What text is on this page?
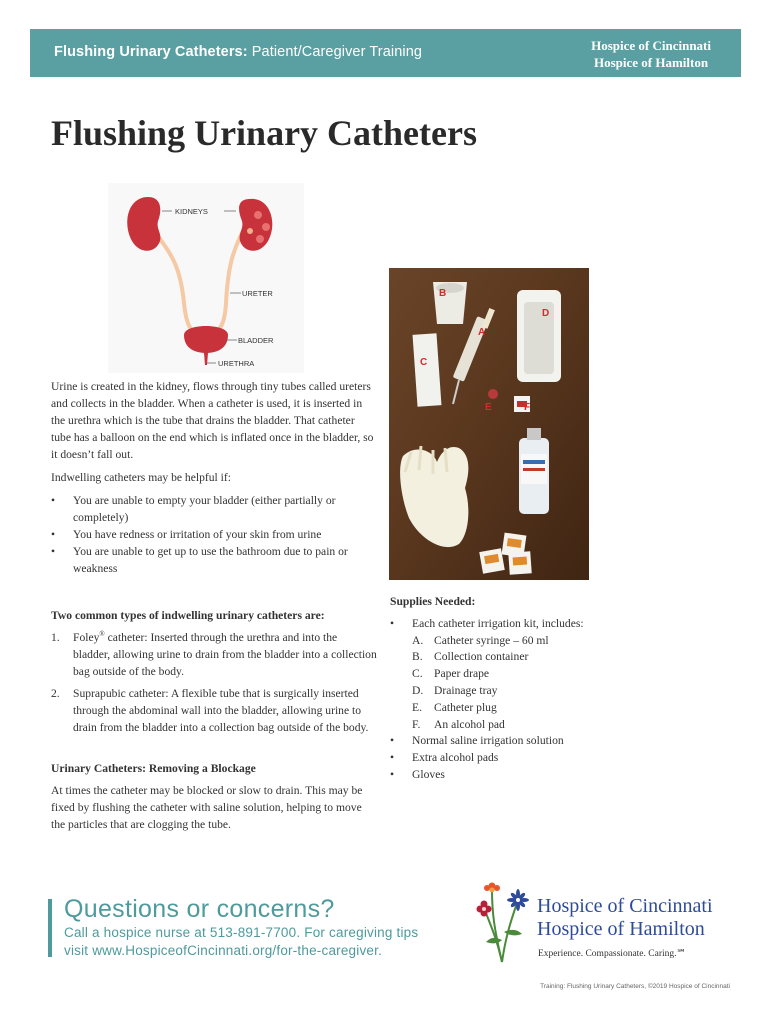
Flushing Urinary Catheters: Patient/Caregiver Training	Hospice of Cincinnati
Hospice of Hamilton
Flushing Urinary Catheters
KIDNEYS
URETER
BLADDER
URETHRA
B
D
A
C
E	F

Urine is created in the kidney, flows through tiny tubes called ureters and collects in the bladder. When a catheter is used, it is inserted in the urethra which is the tube that drains the bladder. That catheter tube has a balloon on the end which is inflated once in the bladder, so it doesn’t fall out.

Indwelling catheters may be helpful if:

• You are unable to empty your bladder (either partially or completely)
• You have redness or irritation of your skin from urine
• You are unable to get up to use the bathroom due to pain or weakness
Two common types of indwelling urinary catheters are:
1. Foley® catheter: Inserted through the urethra and into the bladder, allowing urine to drain from the bladder into a collection bag outside of the body.
2. Suprapubic catheter: A flexible tube that is surgically inserted through the abdominal wall into the bladder, allowing urine to drain from the bladder into a collection bag outside of the body.
Urinary Catheters: Removing a Blockage

At times the catheter may be blocked or slow to drain. This may be fixed by flushing the catheter with saline solution, helping to move the particles that are clogging the tube.

Supplies Needed:
• Each catheter irrigation kit, includes:
A. Catheter syringe – 60 ml
B. Collection container
C. Paper drape
D. Drainage tray
E. Catheter plug
F. An alcohol pad
• Normal saline irrigation solution
• Extra alcohol pads
• Gloves
Questions or concerns?
Call a hospice nurse at 513-891-7700. For caregiving tips
visit www.HospiceofCincinnati.org/for-the-caregiver.
Hospice of Cincinnati
Hospice of Hamilton
Experience. Compassionate. Caring.℠
Training: Flushing Urinary Catheters, ©2019 Hospice of Cincinnati
